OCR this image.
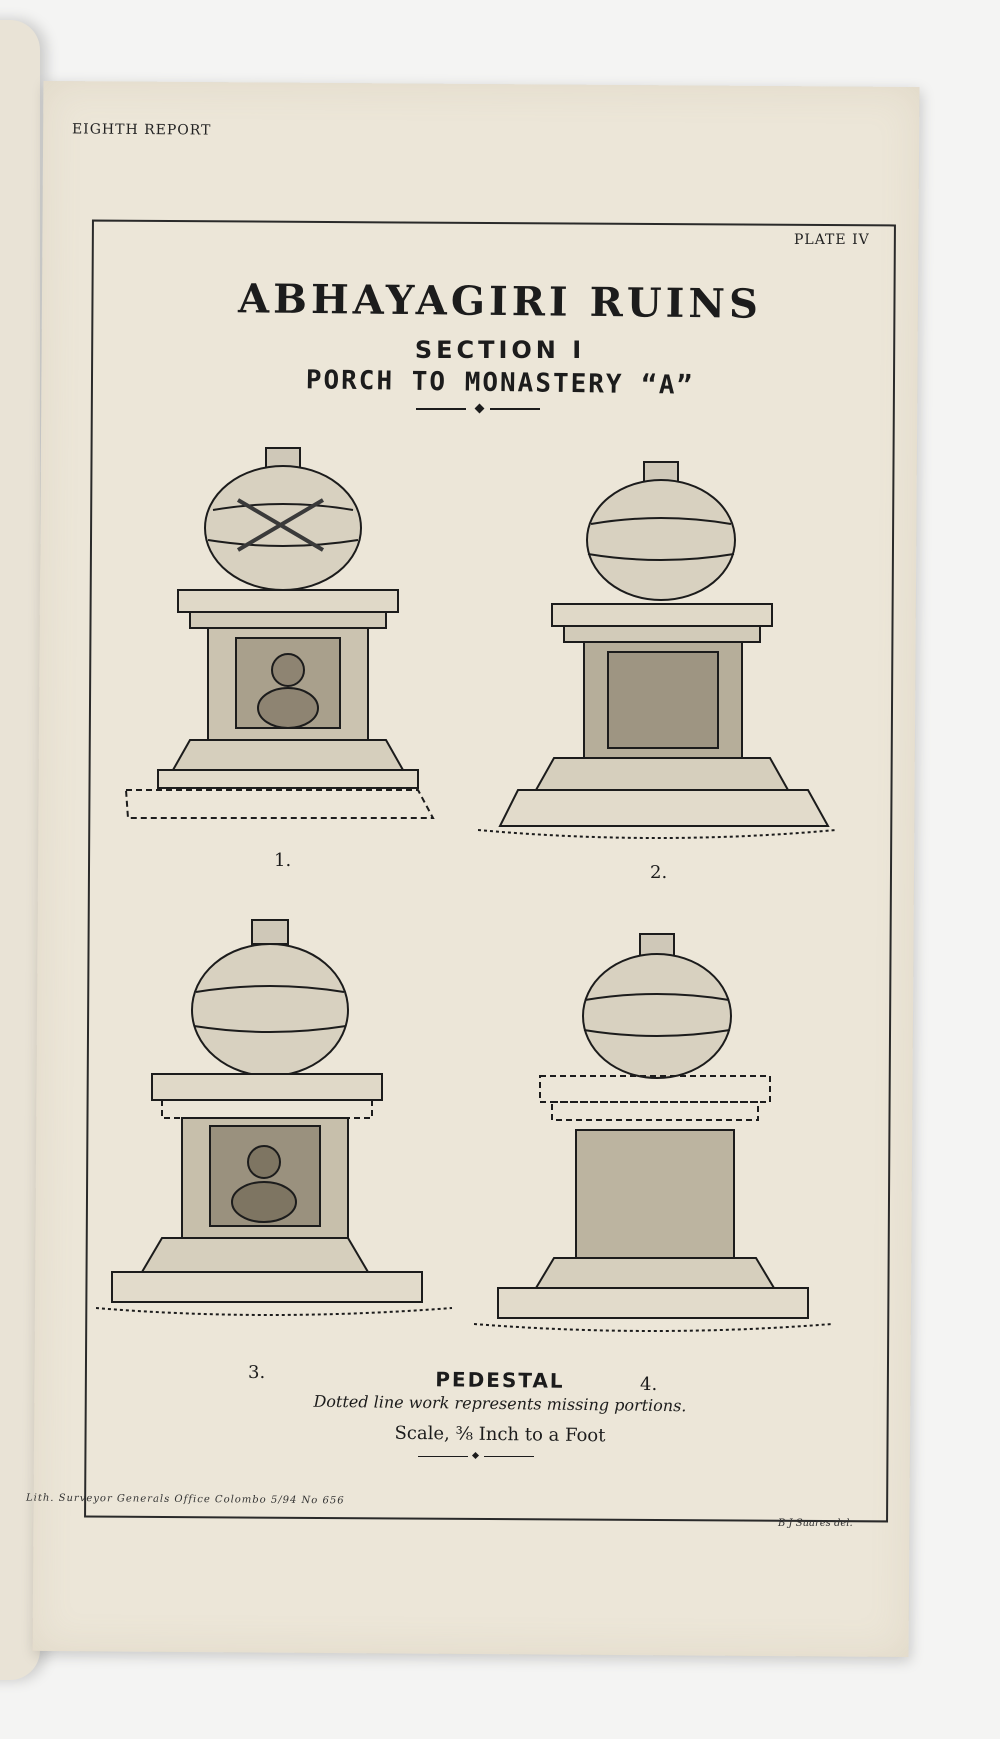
EIGHTH REPORT

PLATE IV

ABHAYAGIRI RUINS
SECTION I
PORCH TO MONASTERY “A”

1.

2.

3.

4.

PEDESTAL

Dotted line work represents missing portions.

Scale, ⅜ Inch to a Foot

Lith. Surveyor Generals Office Colombo 5/94 No 656

B J Suares del.
